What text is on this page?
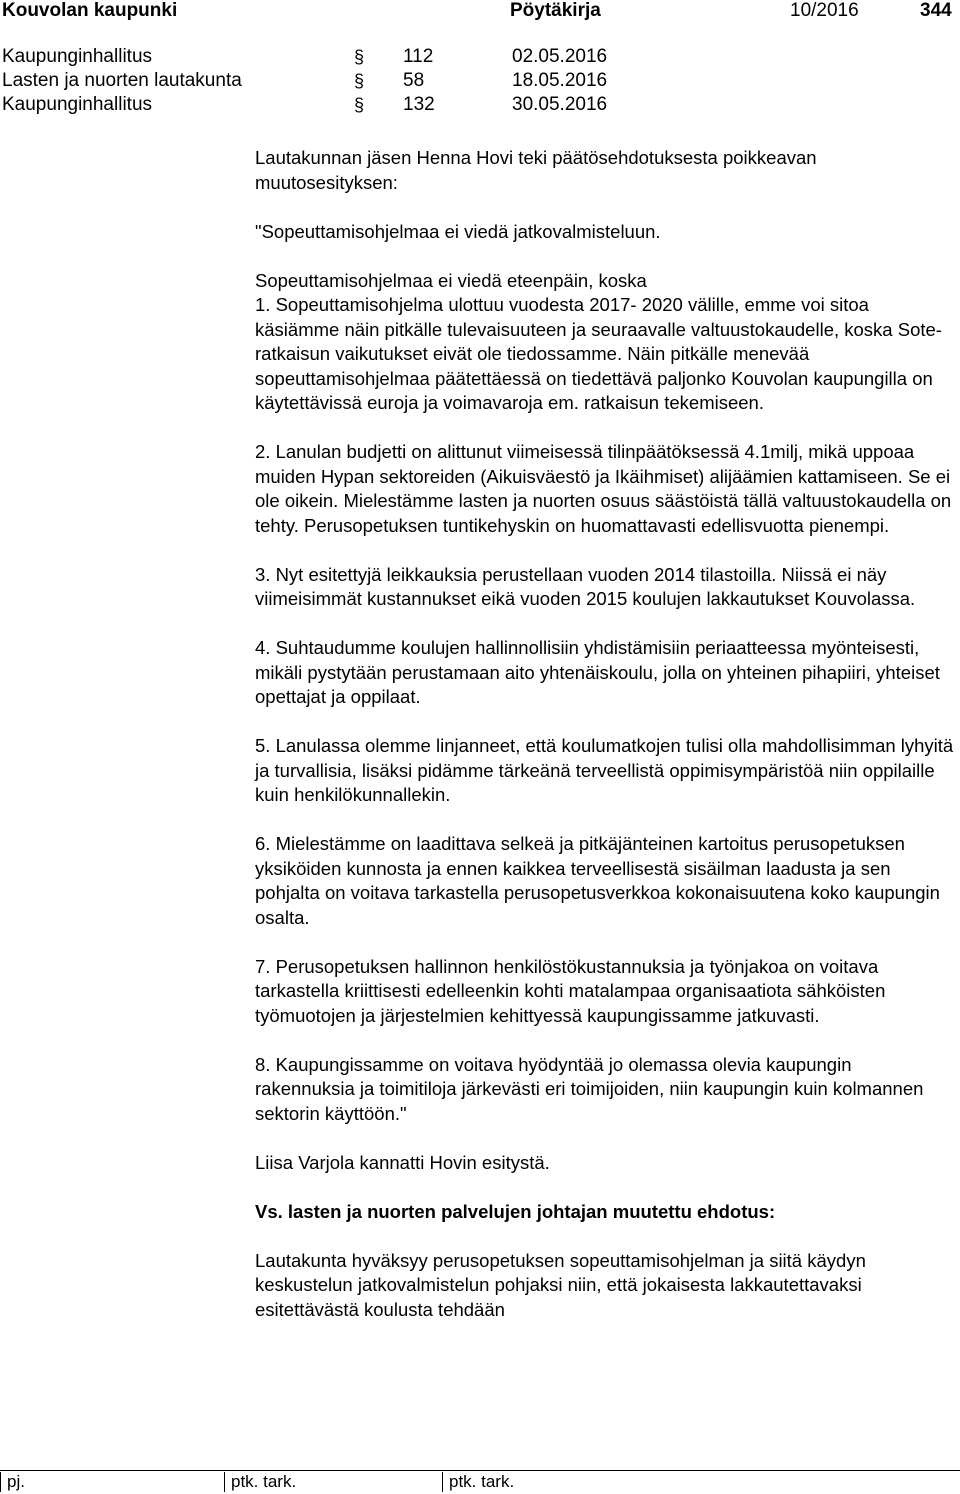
Kouvolan kaupunki	Pöytäkirja	10/2016	344
Kaupunginhallitus	§ 112	02.05.2016
Lasten ja nuorten lautakunta	§ 58	18.05.2016
Kaupunginhallitus	§ 132	30.05.2016

Lautakunnan jäsen Henna Hovi teki päätösehdotuksesta poikkeavan muutosesityksen:

"Sopeuttamisohjelmaa ei viedä jatkovalmisteluun.

Sopeuttamisohjelmaa ei viedä eteenpäin, koska

1. Sopeuttamisohjelma ulottuu vuodesta 2017- 2020 välille, emme voi sitoa käsiämme näin pitkälle tulevaisuuteen ja seuraavalle valtuustokaudelle, koska Sote-ratkaisun vaikutukset eivät ole tiedossamme. Näin pitkälle menevää sopeuttamisohjelmaa päätettäessä on tiedettävä paljonko Kouvolan kaupungilla on käytettävissä euroja ja voimavaroja em. ratkaisun tekemiseen.

2. Lanulan budjetti on alittunut viimeisessä tilinpäätöksessä 4.1milj, mikä uppoaa muiden Hypan sektoreiden (Aikuisväestö ja Ikäihmiset) alijäämien kattamiseen. Se ei ole oikein. Mielestämme lasten ja nuorten osuus säästöistä tällä valtuustokaudella on tehty. Perusopetuksen tuntikehyskin on huomattavasti edellisvuotta pienempi.

3. Nyt esitettyjä leikkauksia perustellaan vuoden 2014 tilastoilla. Niissä ei näy viimeisimmät kustannukset eikä vuoden 2015 koulujen lakkautukset Kouvolassa.

4. Suhtaudumme koulujen hallinnollisiin yhdistämisiin periaatteessa myönteisesti, mikäli pystytään perustamaan aito yhtenäiskoulu, jolla on yhteinen pihapiiri, yhteiset opettajat ja oppilaat.

5. Lanulassa olemme linjanneet, että koulumatkojen tulisi olla mahdollisimman lyhyitä ja turvallisia, lisäksi pidämme tärkeänä terveellistä oppimisympäristöä niin oppilaille kuin henkilökunnallekin.

6. Mielestämme on laadittava selkeä ja pitkäjänteinen kartoitus perusopetuksen yksiköiden kunnosta ja ennen kaikkea terveellisestä sisäilman laadusta ja sen pohjalta on voitava tarkastella perusopetusverkkoa kokonaisuutena koko kaupungin osalta.

7. Perusopetuksen hallinnon henkilöstökustannuksia ja työnjakoa on voitava tarkastella kriittisesti edelleenkin kohti matalampaa organisaatiota sähköisten työmuotojen ja järjestelmien kehittyessä kaupungissamme jatkuvasti.

8. Kaupungissamme on voitava hyödyntää jo olemassa olevia kaupungin rakennuksia ja toimitiloja järkevästi eri toimijoiden, niin kaupungin kuin kolmannen sektorin käyttöön."

Liisa Varjola kannatti Hovin esitystä.

Vs. lasten ja nuorten palvelujen johtajan muutettu ehdotus:

Lautakunta hyväksyy perusopetuksen sopeuttamisohjelman ja siitä käydyn keskustelun jatkovalmistelun pohjaksi niin, että jokaisesta lakkautettavaksi esitettävästä koulusta tehdään

pj.	ptk. tark.	ptk. tark.
